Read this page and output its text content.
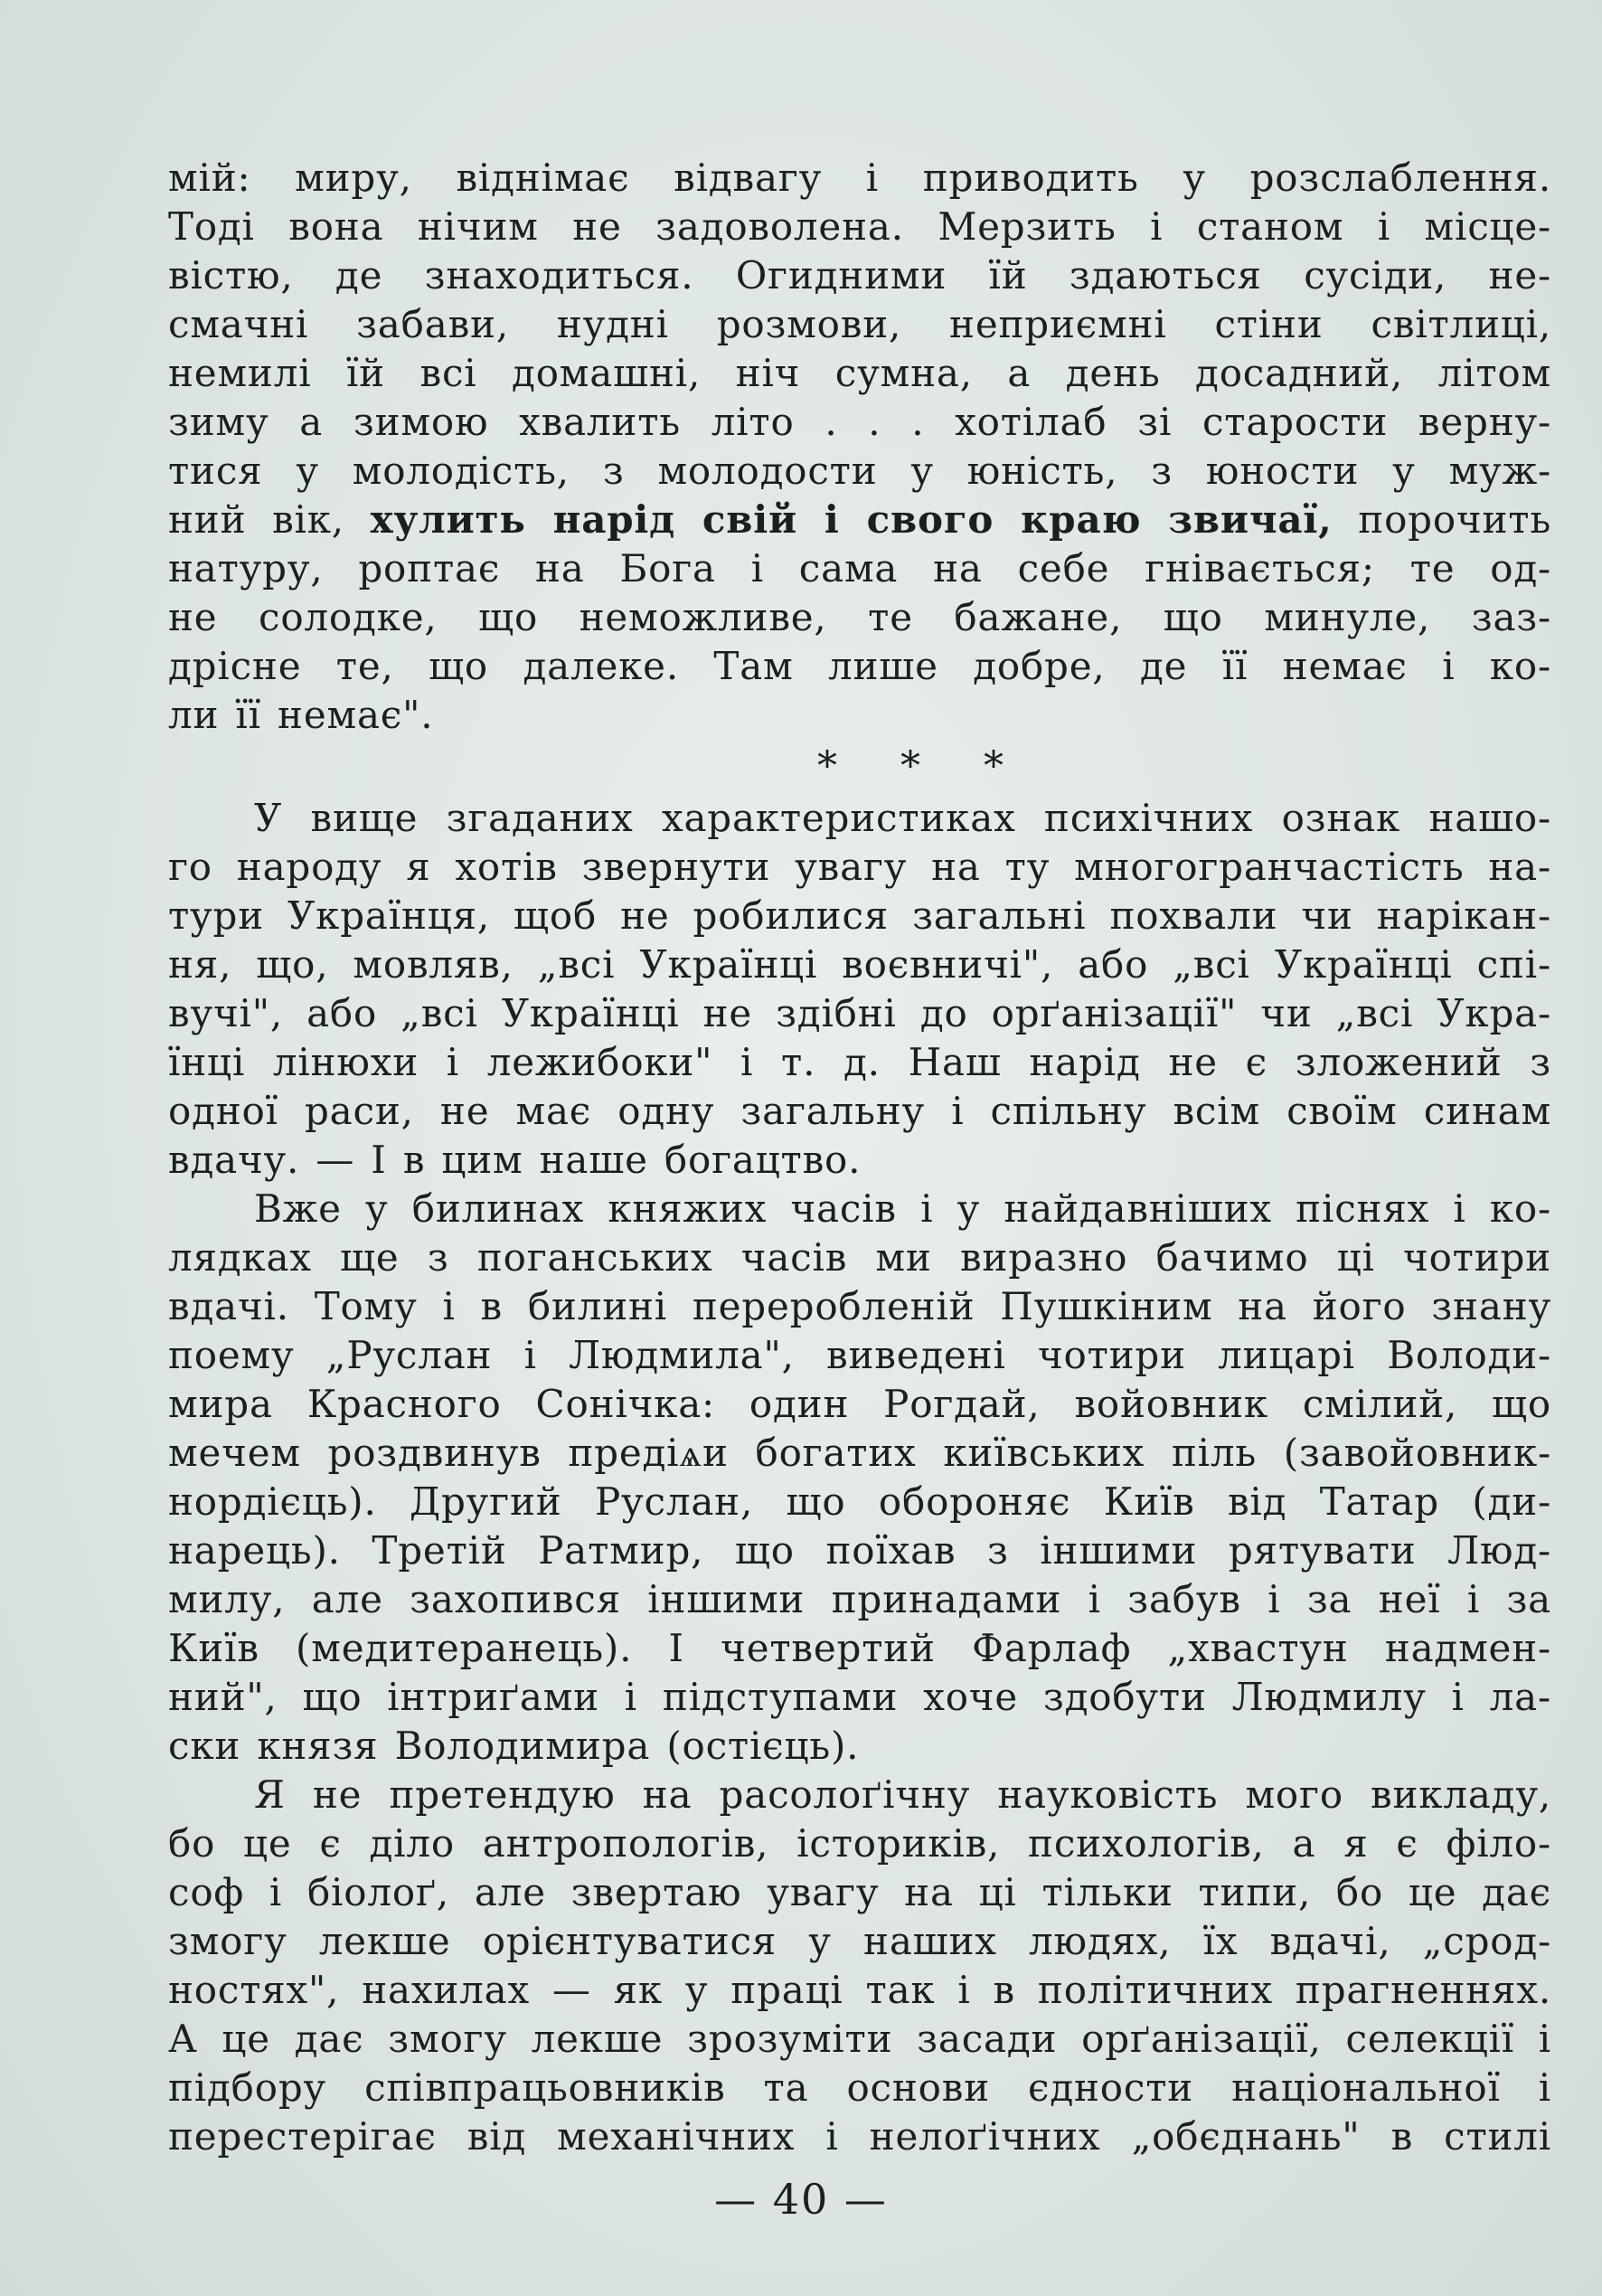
мій: миру, віднімає відвагу і приводить у розслаблення.
Тоді вона нічим не задоволена. Мерзить і станом і місце-
вістю, де знаходиться. Огидними їй здаються сусіди, не-
смачні забави, нудні розмови, неприємні стіни світлиці,
немилі їй всі домашні, ніч сумна, а день досадний, літом
зиму а зимою хвалить літо . . . хотілаб зі старости верну-
тися у молодість, з молодости у юність, з юности у муж-
ний вік, хулить нарід свій і свого краю звичаї, порочить
натуру, роптає на Бога і сама на себе гнівається; те од-
не солодке, що неможливе, те бажане, що минуле, зaз-
дрісне те, що далеке. Там лише добре, де її немає і ко-
ли її немає".
* * *
У вище згаданих характеристиках психічних ознак нашо-
го народу я хотів звернути увагу на ту многогранчастість на-
тури Українця, щоб не робилися загальні похвали чи нарікан-
ня, що, мовляв, „всі Українці воєвничі", або „всі Українці спі-
вучі", або „всі Українці не здібні до орґанізації" чи „всі Укра-
їнці лінюхи і лежибоки" і т. д. Наш нарід не є зложений з
одної раси, не має одну загальну і спільну всім своїм синам
вдачу. — І в цим наше богацтво.
Вже у билинах княжих часів і у найдавніших піснях і ко-
лядках ще з поганських часів ми виразно бачимо ці чотири
вдачі. Тому і в билині переробленій Пушкіним на його знану
поему „Руслан і Людмила", виведені чотири лицарі Володи-
мира Красного Сонічка: один Рогдай, войовник смілий, що
мечем роздвинув предіѧи богатих київських піль (завойовник-
нордієць). Другий Руслан, що обороняє Київ від Татар (ди-
нарець). Третій Ратмир, що поїхав з іншими рятувати Люд-
милу, але захопився іншими принадами і забув і за неї і за
Київ (медитеранець). І четвертий Фарлаф „хвастун надмен-
ний", що інтриґами і підступами хоче здобути Людмилу і ла-
ски князя Володимира (остієць).
Я не претендую на расолоґічну науковість мого викладу,
бо це є діло антропологів, істориків, психологів, а я є філо-
соф і біолоґ, але звертаю увагу на ці тільки типи, бо це дає
змогу лекше орієнтуватися у наших людях, їх вдачі, „срод-
ностях", нахилах — як у праці так і в політичних прагненнях.
А це дає змогу лекше зрозуміти засади орґанізації, селекції і
підбору співпрацьовників та основи єдности національної і
перестерігає від механічних і нелоґічних „обєднань" в стилі
— 40 —
